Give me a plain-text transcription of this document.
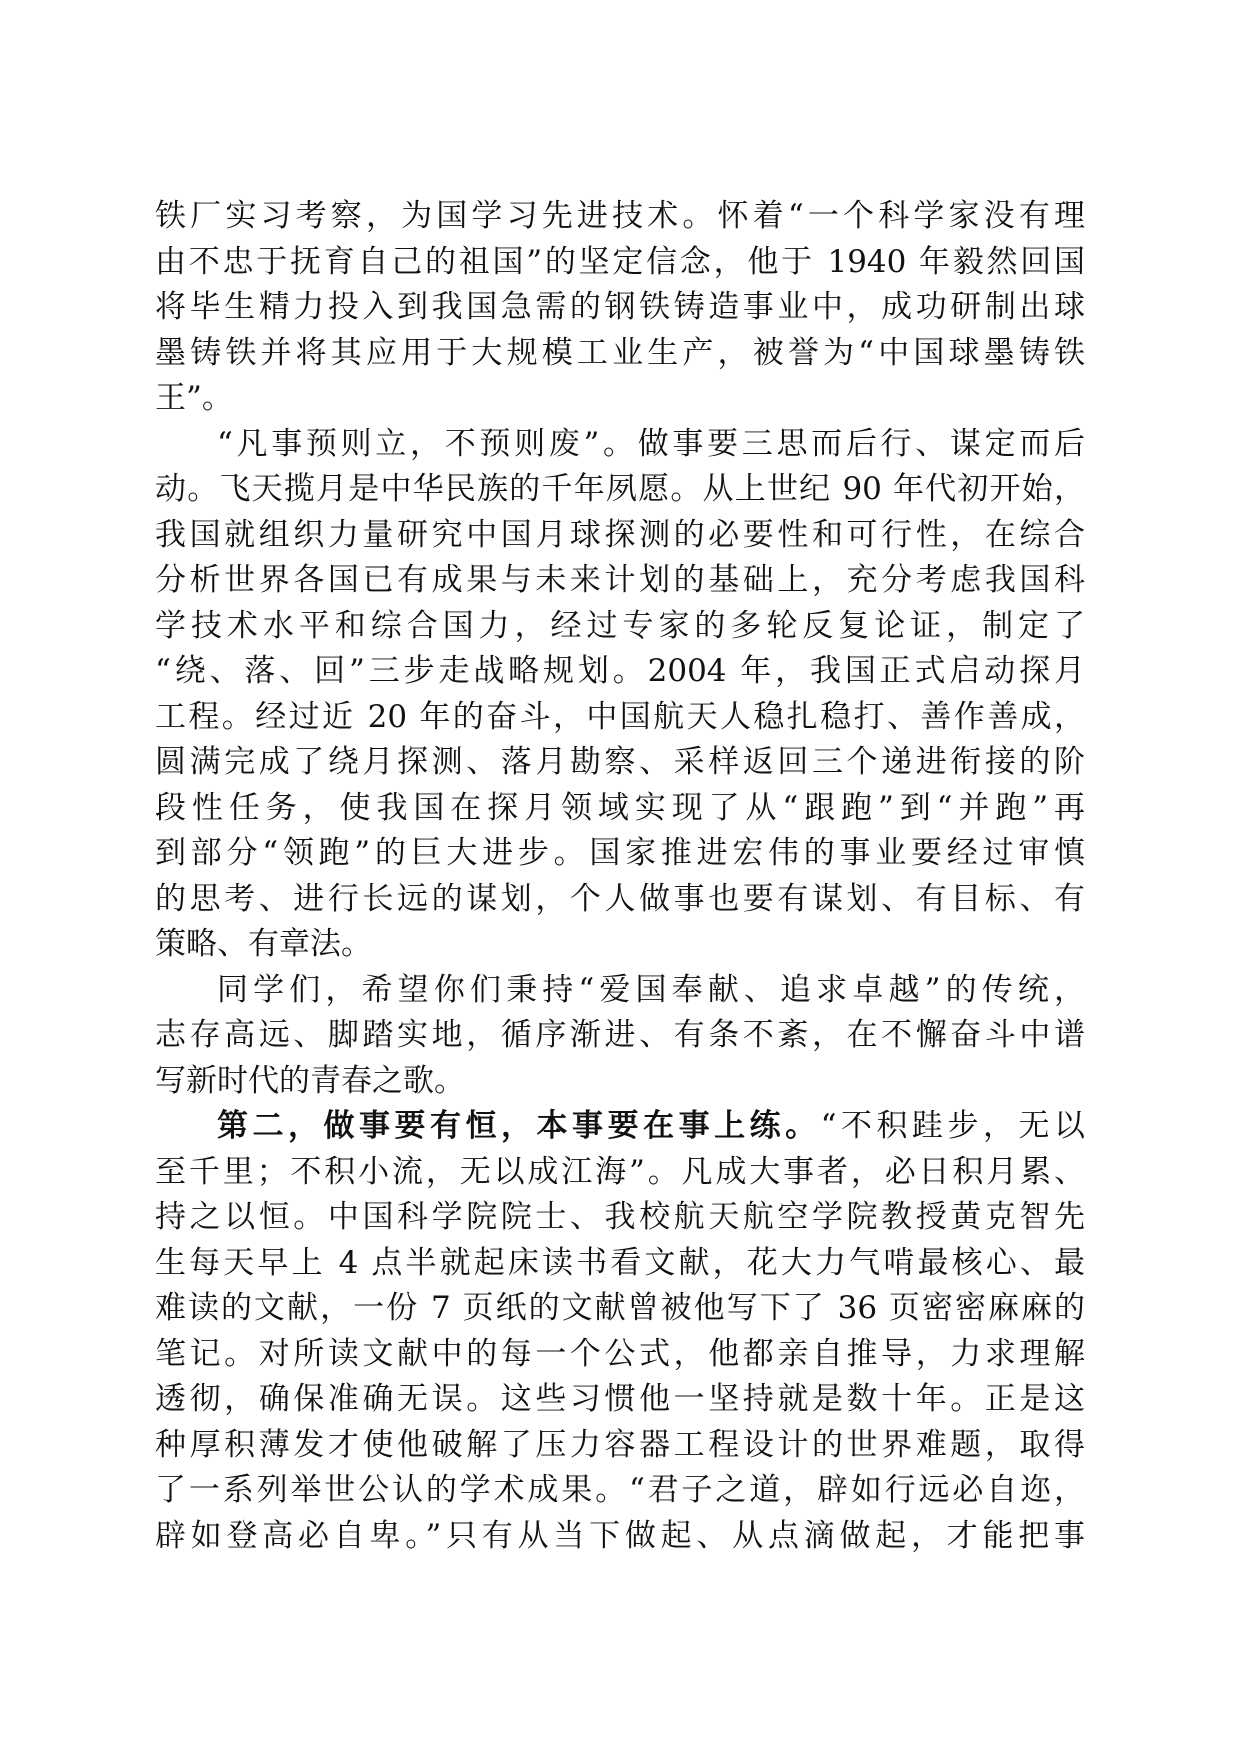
铁厂实习考察，为国学习先进技术。怀着“一个科学家没有理
由不忠于抚育自己的祖国”的坚定信念，他于 1940 年毅然回国
将毕生精力投入到我国急需的钢铁铸造事业中，成功研制出球
墨铸铁并将其应用于大规模工业生产，被誉为“中国球墨铸铁
王”。
“凡事预则立，不预则废”。做事要三思而后行、谋定而后
动。飞天揽月是中华民族的千年夙愿。从上世纪 90 年代初开始，
我国就组织力量研究中国月球探测的必要性和可行性，在综合
分析世界各国已有成果与未来计划的基础上，充分考虑我国科
学技术水平和综合国力，经过专家的多轮反复论证，制定了
“绕、落、回”三步走战略规划。2004 年，我国正式启动探月
工程。经过近 20 年的奋斗，中国航天人稳扎稳打、善作善成，
圆满完成了绕月探测、落月勘察、采样返回三个递进衔接的阶
段性任务，使我国在探月领域实现了从“跟跑”到“并跑”再
到部分“领跑”的巨大进步。国家推进宏伟的事业要经过审慎
的思考、进行长远的谋划，个人做事也要有谋划、有目标、有
策略、有章法。
同学们，希望你们秉持“爱国奉献、追求卓越”的传统，
志存高远、脚踏实地，循序渐进、有条不紊，在不懈奋斗中谱
写新时代的青春之歌。
第二，做事要有恒，本事要在事上练。“不积跬步，无以
至千里；不积小流，无以成江海”。凡成大事者，必日积月累、
持之以恒。中国科学院院士、我校航天航空学院教授黄克智先
生每天早上 4 点半就起床读书看文献，花大力气啃最核心、最
难读的文献，一份 7 页纸的文献曾被他写下了 36 页密密麻麻的
笔记。对所读文献中的每一个公式，他都亲自推导，力求理解
透彻，确保准确无误。这些习惯他一坚持就是数十年。正是这
种厚积薄发才使他破解了压力容器工程设计的世界难题，取得
了一系列举世公认的学术成果。“君子之道，辟如行远必自迩，
辟如登高必自卑。”只有从当下做起、从点滴做起，才能把事
